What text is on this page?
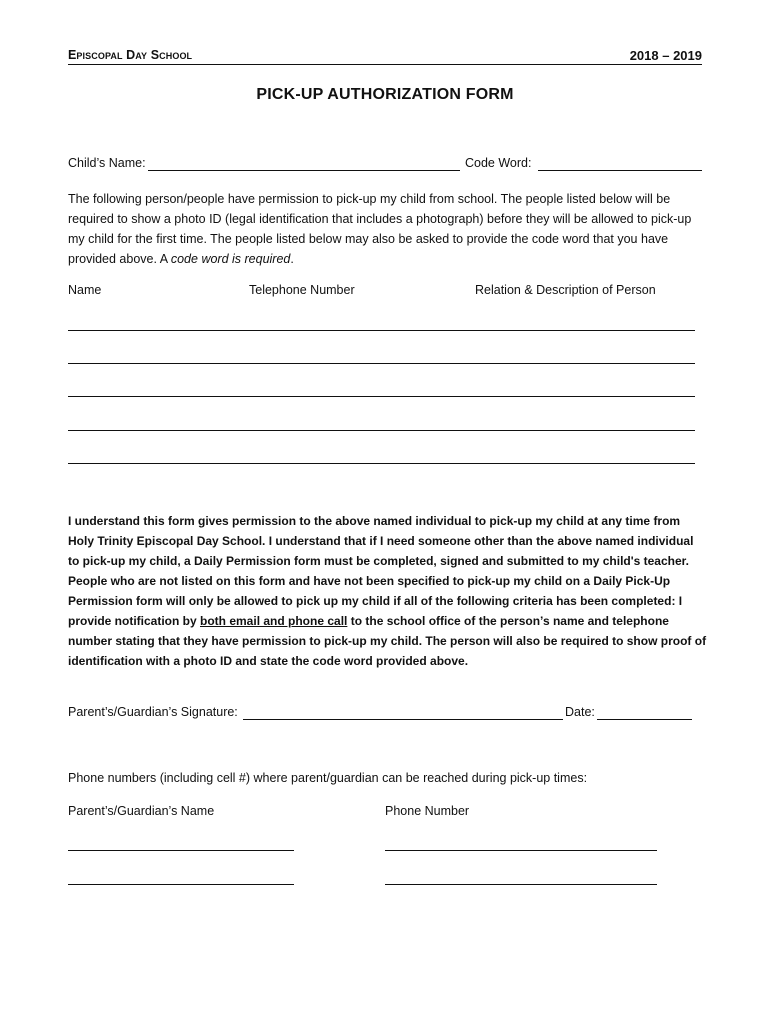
Episcopal Day School	2018 – 2019
PICK-UP AUTHORIZATION FORM
Child’s Name:	Code Word:
The following person/people have permission to pick-up my child from school. The people listed below will be required to show a photo ID (legal identification that includes a photograph) before they will be allowed to pick-up my child for the first time. The people listed below may also be asked to provide the code word that you have provided above. A code word is required.
Name	Telephone Number	Relation & Description of Person
I understand this form gives permission to the above named individual to pick-up my child at any time from Holy Trinity Episcopal Day School. I understand that if I need someone other than the above named individual to pick-up my child, a Daily Permission form must be completed, signed and submitted to my child's teacher. People who are not listed on this form and have not been specified to pick-up my child on a Daily Pick-Up Permission form will only be allowed to pick up my child if all of the following criteria has been completed: I provide notification by both email and phone call to the school office of the person’s name and telephone number stating that they have permission to pick-up my child. The person will also be required to show proof of identification with a photo ID and state the code word provided above.
Parent’s/Guardian’s Signature:	Date:
Phone numbers (including cell #) where parent/guardian can be reached during pick-up times:
Parent’s/Guardian’s Name	Phone Number
